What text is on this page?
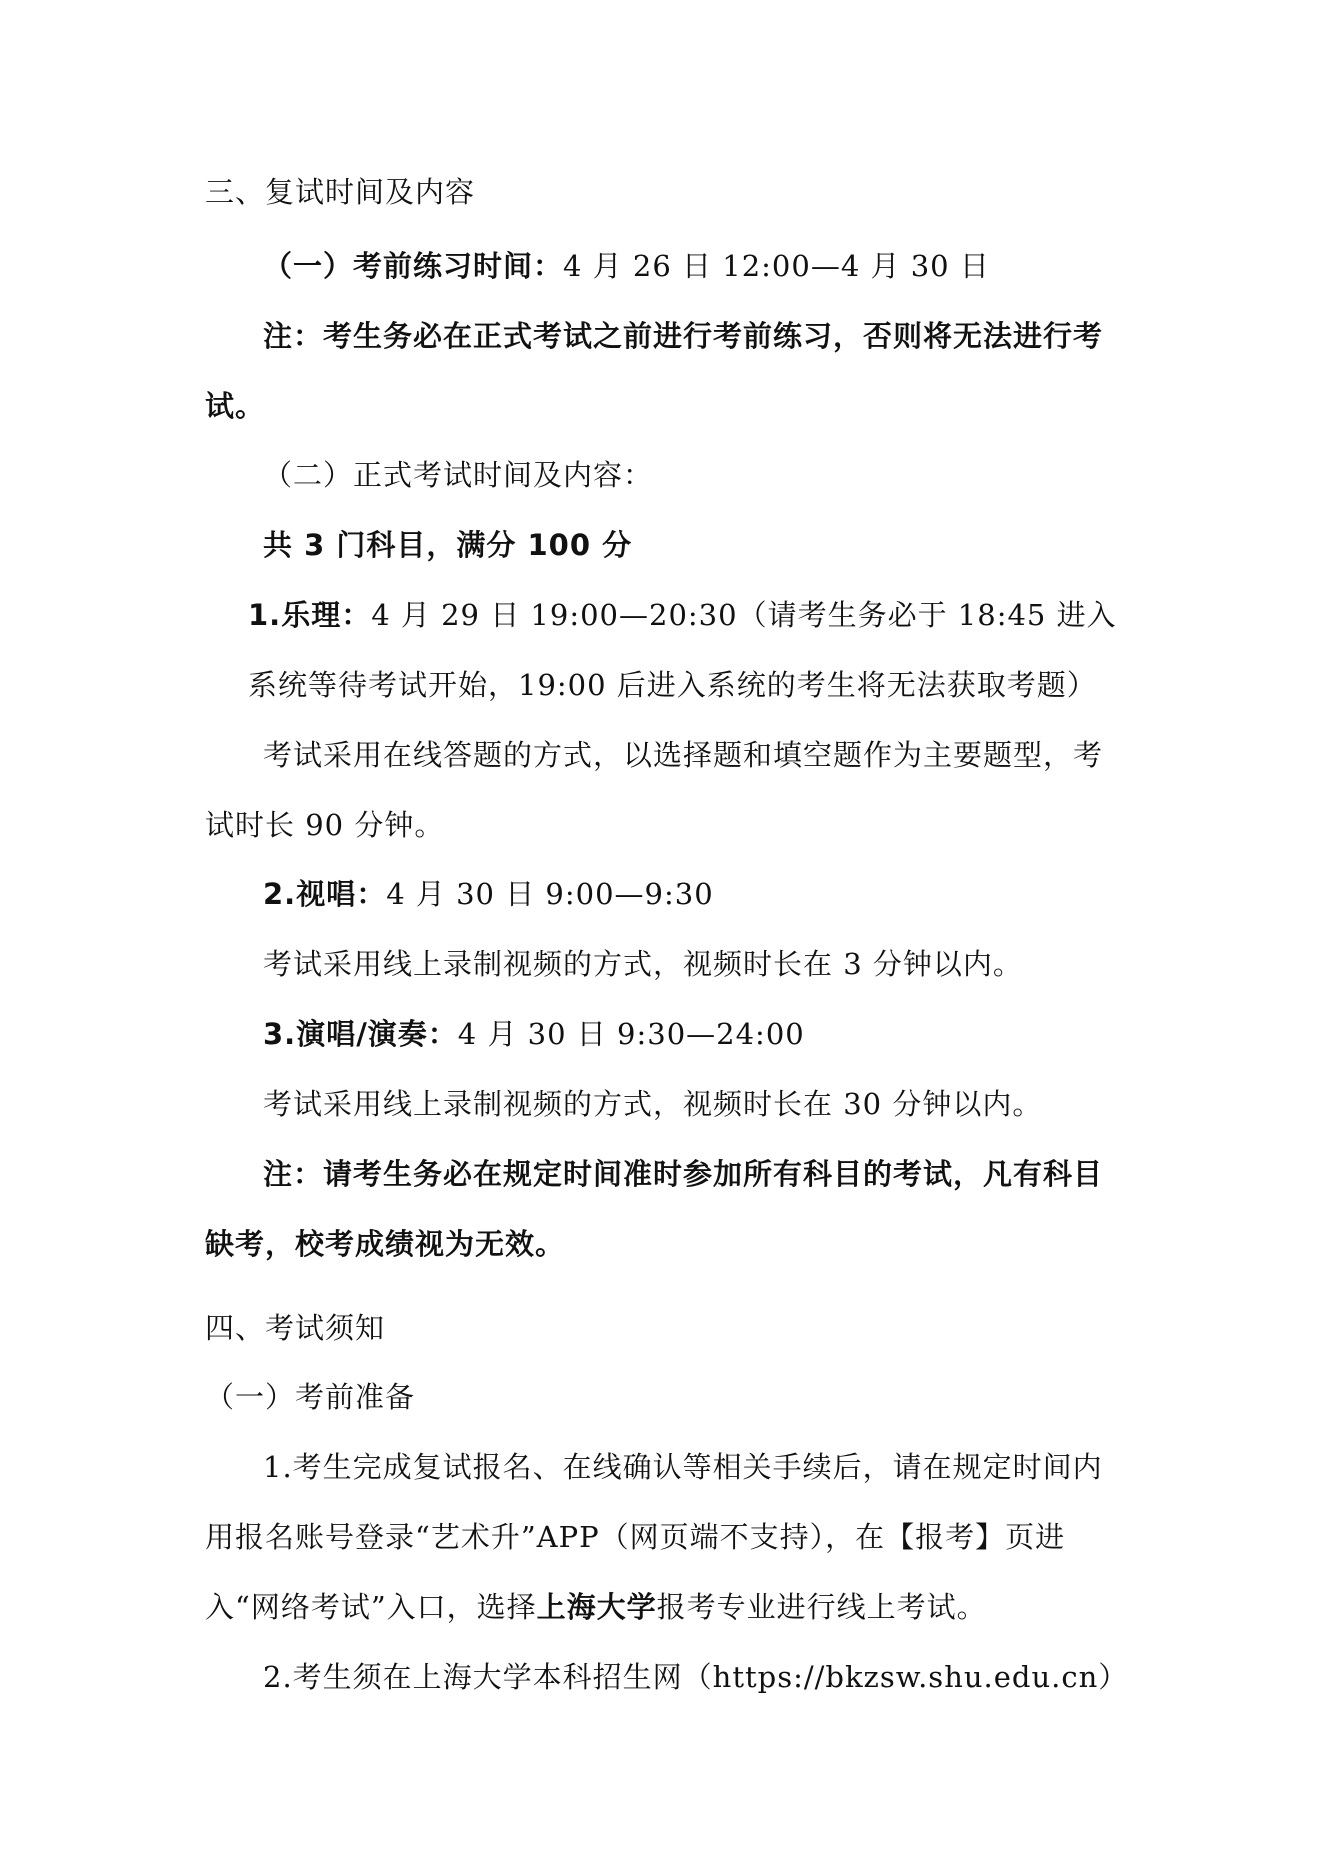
三、复试时间及内容
（一）考前练习时间：4 月 26 日 12:00—4 月 30 日
注：考生务必在正式考试之前进行考前练习，否则将无法进行考
试。
（二）正式考试时间及内容：
共 3 门科目，满分 100 分
1.乐理：4 月 29 日 19:00—20:30（请考生务必于 18:45 进入
系统等待考试开始，19:00 后进入系统的考生将无法获取考题）
考试采用在线答题的方式，以选择题和填空题作为主要题型，考
试时长 90 分钟。
2.视唱：4 月 30 日 9:00—9:30
考试采用线上录制视频的方式，视频时长在 3 分钟以内。
3.演唱/演奏：4 月 30 日 9:30—24:00
考试采用线上录制视频的方式，视频时长在 30 分钟以内。
注：请考生务必在规定时间准时参加所有科目的考试，凡有科目
缺考，校考成绩视为无效。
四、考试须知
（一）考前准备
1.考生完成复试报名、在线确认等相关手续后，请在规定时间内
用报名账号登录“艺术升”APP（网页端不支持），在【报考】页进
入“网络考试”入口，选择上海大学报考专业进行线上考试。
2.考生须在上海大学本科招生网（https://bkzsw.shu.edu.cn）
